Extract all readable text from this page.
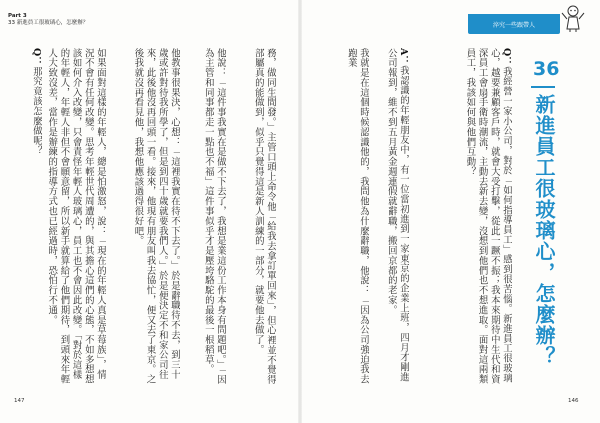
Part 3
33 新進員工很玻璃心，怎麼辦？	淬究一些跟帶人
36
新進員工很玻璃心，怎麼辦？
Q：我經營一家小公司，對於「如何指導員工」感到很苦惱。新進員工很玻璃心，越要兼顧客戶時，就會大受打擊，從此一蹶不振；我本來期待中生代和資深員工會扇手衛時潮流，主動去新去變，沒想到他們也不想進取。面對這兩類員工，我該如何與他們互動？
A：我認識的年輕朋友中，有一位當初進到一家東京的企業上班，四月才剛進公司報到，維不到五月黃金週連假就辭職，搬回京都的老家。
我就是在這個時候認識他的，我問他為什麼辭職，他說：「因為公司強迫我去跑業
146
務，做同生間發。」主管口頭上命令他「給我去拿訂單回來」，但心裡並不覺得部屬真的能做到，似乎只覺得這是新人訓練的一部分，就要他去做了。
他說：「這件事我實在是做不下去了，我想是業這份工作本身有問題吧。」「因為主管和同事都走一點也不福」這件事似乎才是壓垮駱駝的最後一根稻草。
他教事很果決，心想：「這裡我實在待不下去了。」於是辭職待不去，到三十歲或許對待我所學了，但是到四十歲就要我們人。」於是便決定不和家公司往來，此後他沒再回頭一看。接來，他現有朋友叫我去協忙，便又去了東京。之後我就沒再看見他，我想他應該過得很好吧。
如果面對這樣的年輕人，總是怕激怒，說：「現在的年輕人真是草莓族」，情況不會有任何改變。思考年輕世代周遭的，與其擔心這們的心態，不如多想想該如何介入改變，只會責怪年輕人玻璃心，員工也不會因此改變。「對於這樣的年輕人，年輕人非但不會願意留，所以新手就算給了他們期待，到頭來年輕人大致沒差，當作是辦練的指導方式也已經過時，恐怕行不通。
Q：那究竟該怎麼做呢？
147
